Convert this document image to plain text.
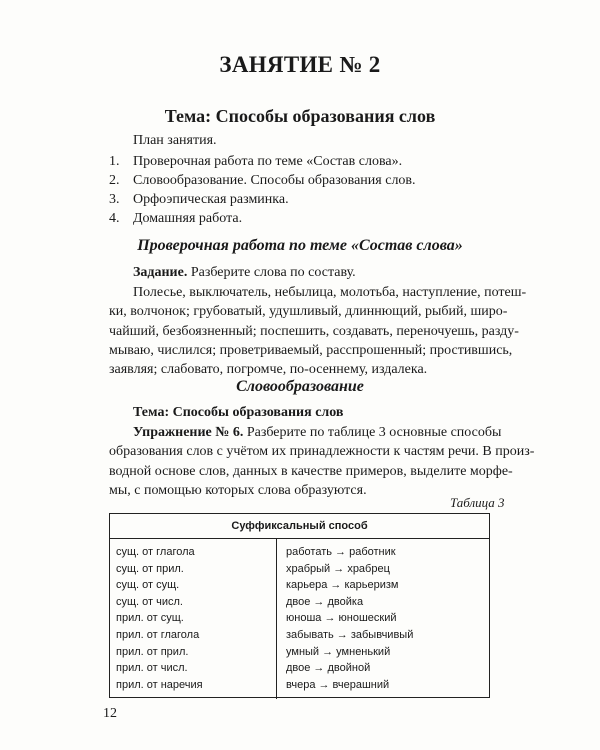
ЗАНЯТИЕ № 2
Тема: Способы образования слов
План занятия.
1. Проверочная работа по теме «Состав слова».
2. Словообразование. Способы образования слов.
3. Орфоэпическая разминка.
4. Домашняя работа.
Проверочная работа по теме «Состав слова»
Задание. Разберите слова по составу.
Полесье, выключатель, небылица, молотьба, наступление, потеш-
ки, волчонок; грубоватый, удушливый, длиннющий, рыбий, широ-
чайший, безбоязненный; поспешить, создавать, переночуешь, разду-
мываю, числился; проветриваемый, расспрошенный; простившись,
заявляя; слабовато, погромче, по-осеннему, издалека.
Словообразование
Тема: Способы образования слов
Упражнение № 6. Разберите по таблице 3 основные способы
образования слов с учётом их принадлежности к частям речи. В произ-
водной основе слов, данных в качестве примеров, выделите морфе-
мы, с помощью которых слова образуются.
Таблица 3
Суффиксальный способ
сущ. от глагола
сущ. от прил.
сущ. от сущ.
сущ. от числ.
прил. от сущ.
прил. от глагола
прил. от прил.
прил. от числ.
прил. от наречия
работать → работник
храбрый → храбрец
карьера → карьеризм
двое → двойка
юноша → юношеский
забывать → забывчивый
умный → умненький
двое → двойной
вчера → вчерашний
12
